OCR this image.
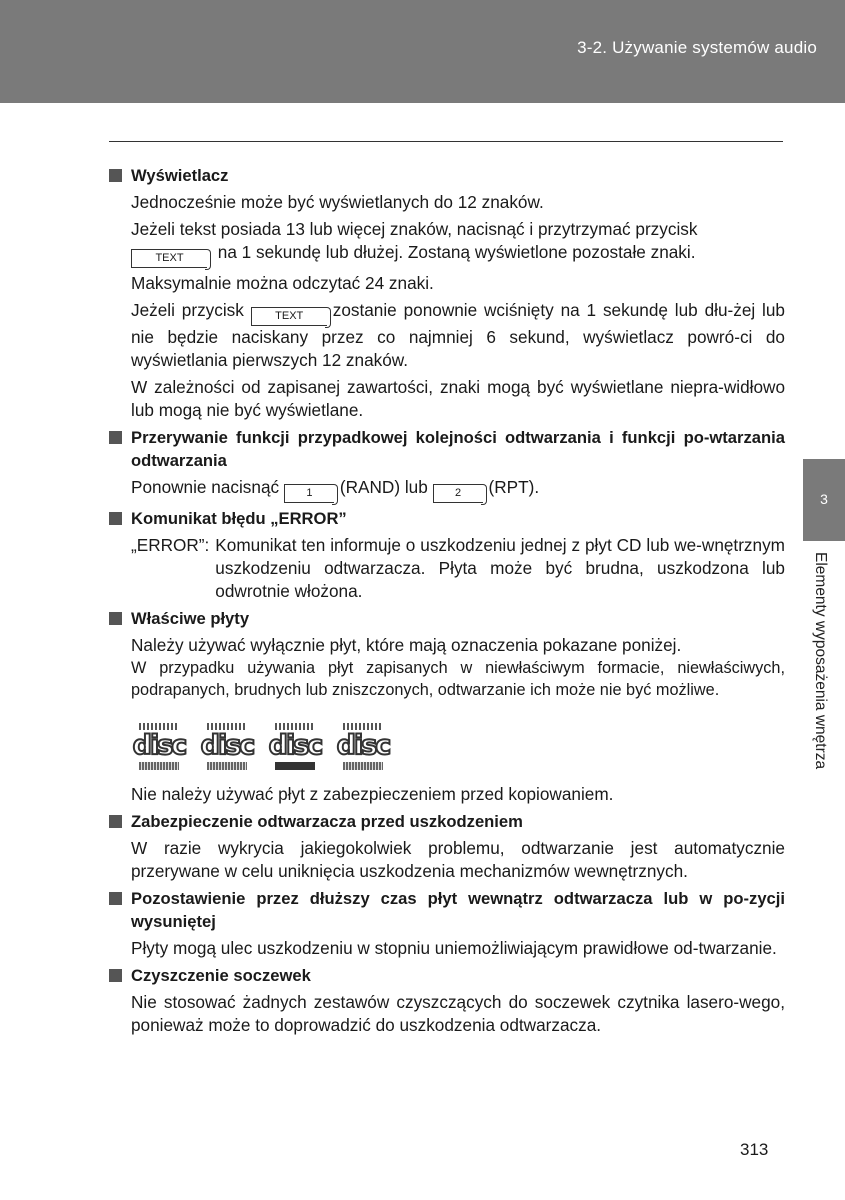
3-2. Używanie systemów audio
3
Elementy wyposażenia wnętrza
Wyświetlacz
Jednocześnie może być wyświetlanych do 12 znaków.
Jeżeli tekst posiada 13 lub więcej znaków, nacisnąć i przytrzymać przycisk
TEXT na 1 sekundę lub dłużej. Zostaną wyświetlone pozostałe znaki.
Maksymalnie można odczytać 24 znaki.
Jeżeli przycisk	TEXT zostanie ponownie wciśnięty na 1 sekundę lub dłu-żej lub nie będzie naciskany przez co najmniej 6 sekund, wyświetlacz powró-ci do wyświetlania pierwszych 12 znaków.
W zależności od zapisanej zawartości, znaki mogą być wyświetlane niepra-widłowo lub mogą nie być wyświetlane.
Przerywanie funkcji przypadkowej kolejności odtwarzania i funkcji po-wtarzania odtwarzania
Ponownie nacisnąć 1 (RAND) lub 2 (RPT).
Komunikat błędu „ERROR”
„ERROR”: Komunikat ten informuje o uszkodzeniu jednej z płyt CD lub we-wnętrznym uszkodzeniu odtwarzacza. Płyta może być brudna, uszkodzona lub odwrotnie włożona.
Właściwe płyty
Należy używać wyłącznie płyt, które mają oznaczenia pokazane poniżej.
W przypadku używania płyt zapisanych w niewłaściwym formacie, niewłaściwych, podrapanych, brudnych lub zniszczonych, odtwarzanie ich może nie być możliwe.
disc disc disc disc
Nie należy używać płyt z zabezpieczeniem przed kopiowaniem.
Zabezpieczenie odtwarzacza przed uszkodzeniem
W razie wykrycia jakiegokolwiek problemu, odtwarzanie jest automatycznie przerywane w celu uniknięcia uszkodzenia mechanizmów wewnętrznych.
Pozostawienie przez dłuższy czas płyt wewnątrz odtwarzacza lub w po-zycji wysuniętej
Płyty mogą ulec uszkodzeniu w stopniu uniemożliwiającym prawidłowe od-twarzanie.
Czyszczenie soczewek
Nie stosować żadnych zestawów czyszczących do soczewek czytnika lasero-wego, ponieważ może to doprowadzić do uszkodzenia odtwarzacza.
313
